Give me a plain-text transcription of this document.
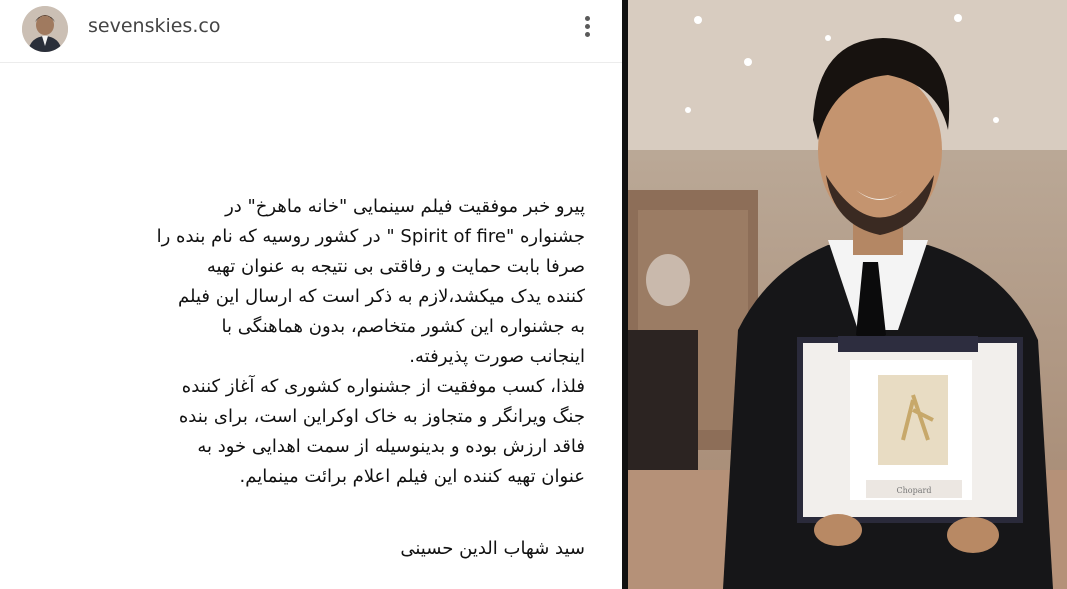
sevenskies.co

پیرو خبر موفقیت فیلم سینمایی "خانه ماهرخ" در

جشنواره "Spirit of fire " در کشور روسیه که نام بنده را

صرفا بابت حمایت و رفاقتی بی نتیجه به عنوان تهیه

کننده یدک میکشد،لازم به ذکر است که ارسال این فیلم

به جشنواره این کشور متخاصم، بدون هماهنگی با

اینجانب صورت پذیرفته.

فلذا، کسب موفقیت از جشنواره کشوری که آغاز کننده

جنگ ویرانگر و متجاوز به خاک اوکراین است، برای بنده

فاقد ارزش بوده و بدینوسیله از سمت اهدایی خود به

عنوان تهیه کننده این فیلم اعلام برائت مینمایم.

سید شهاب الدین حسینی
Chopard
